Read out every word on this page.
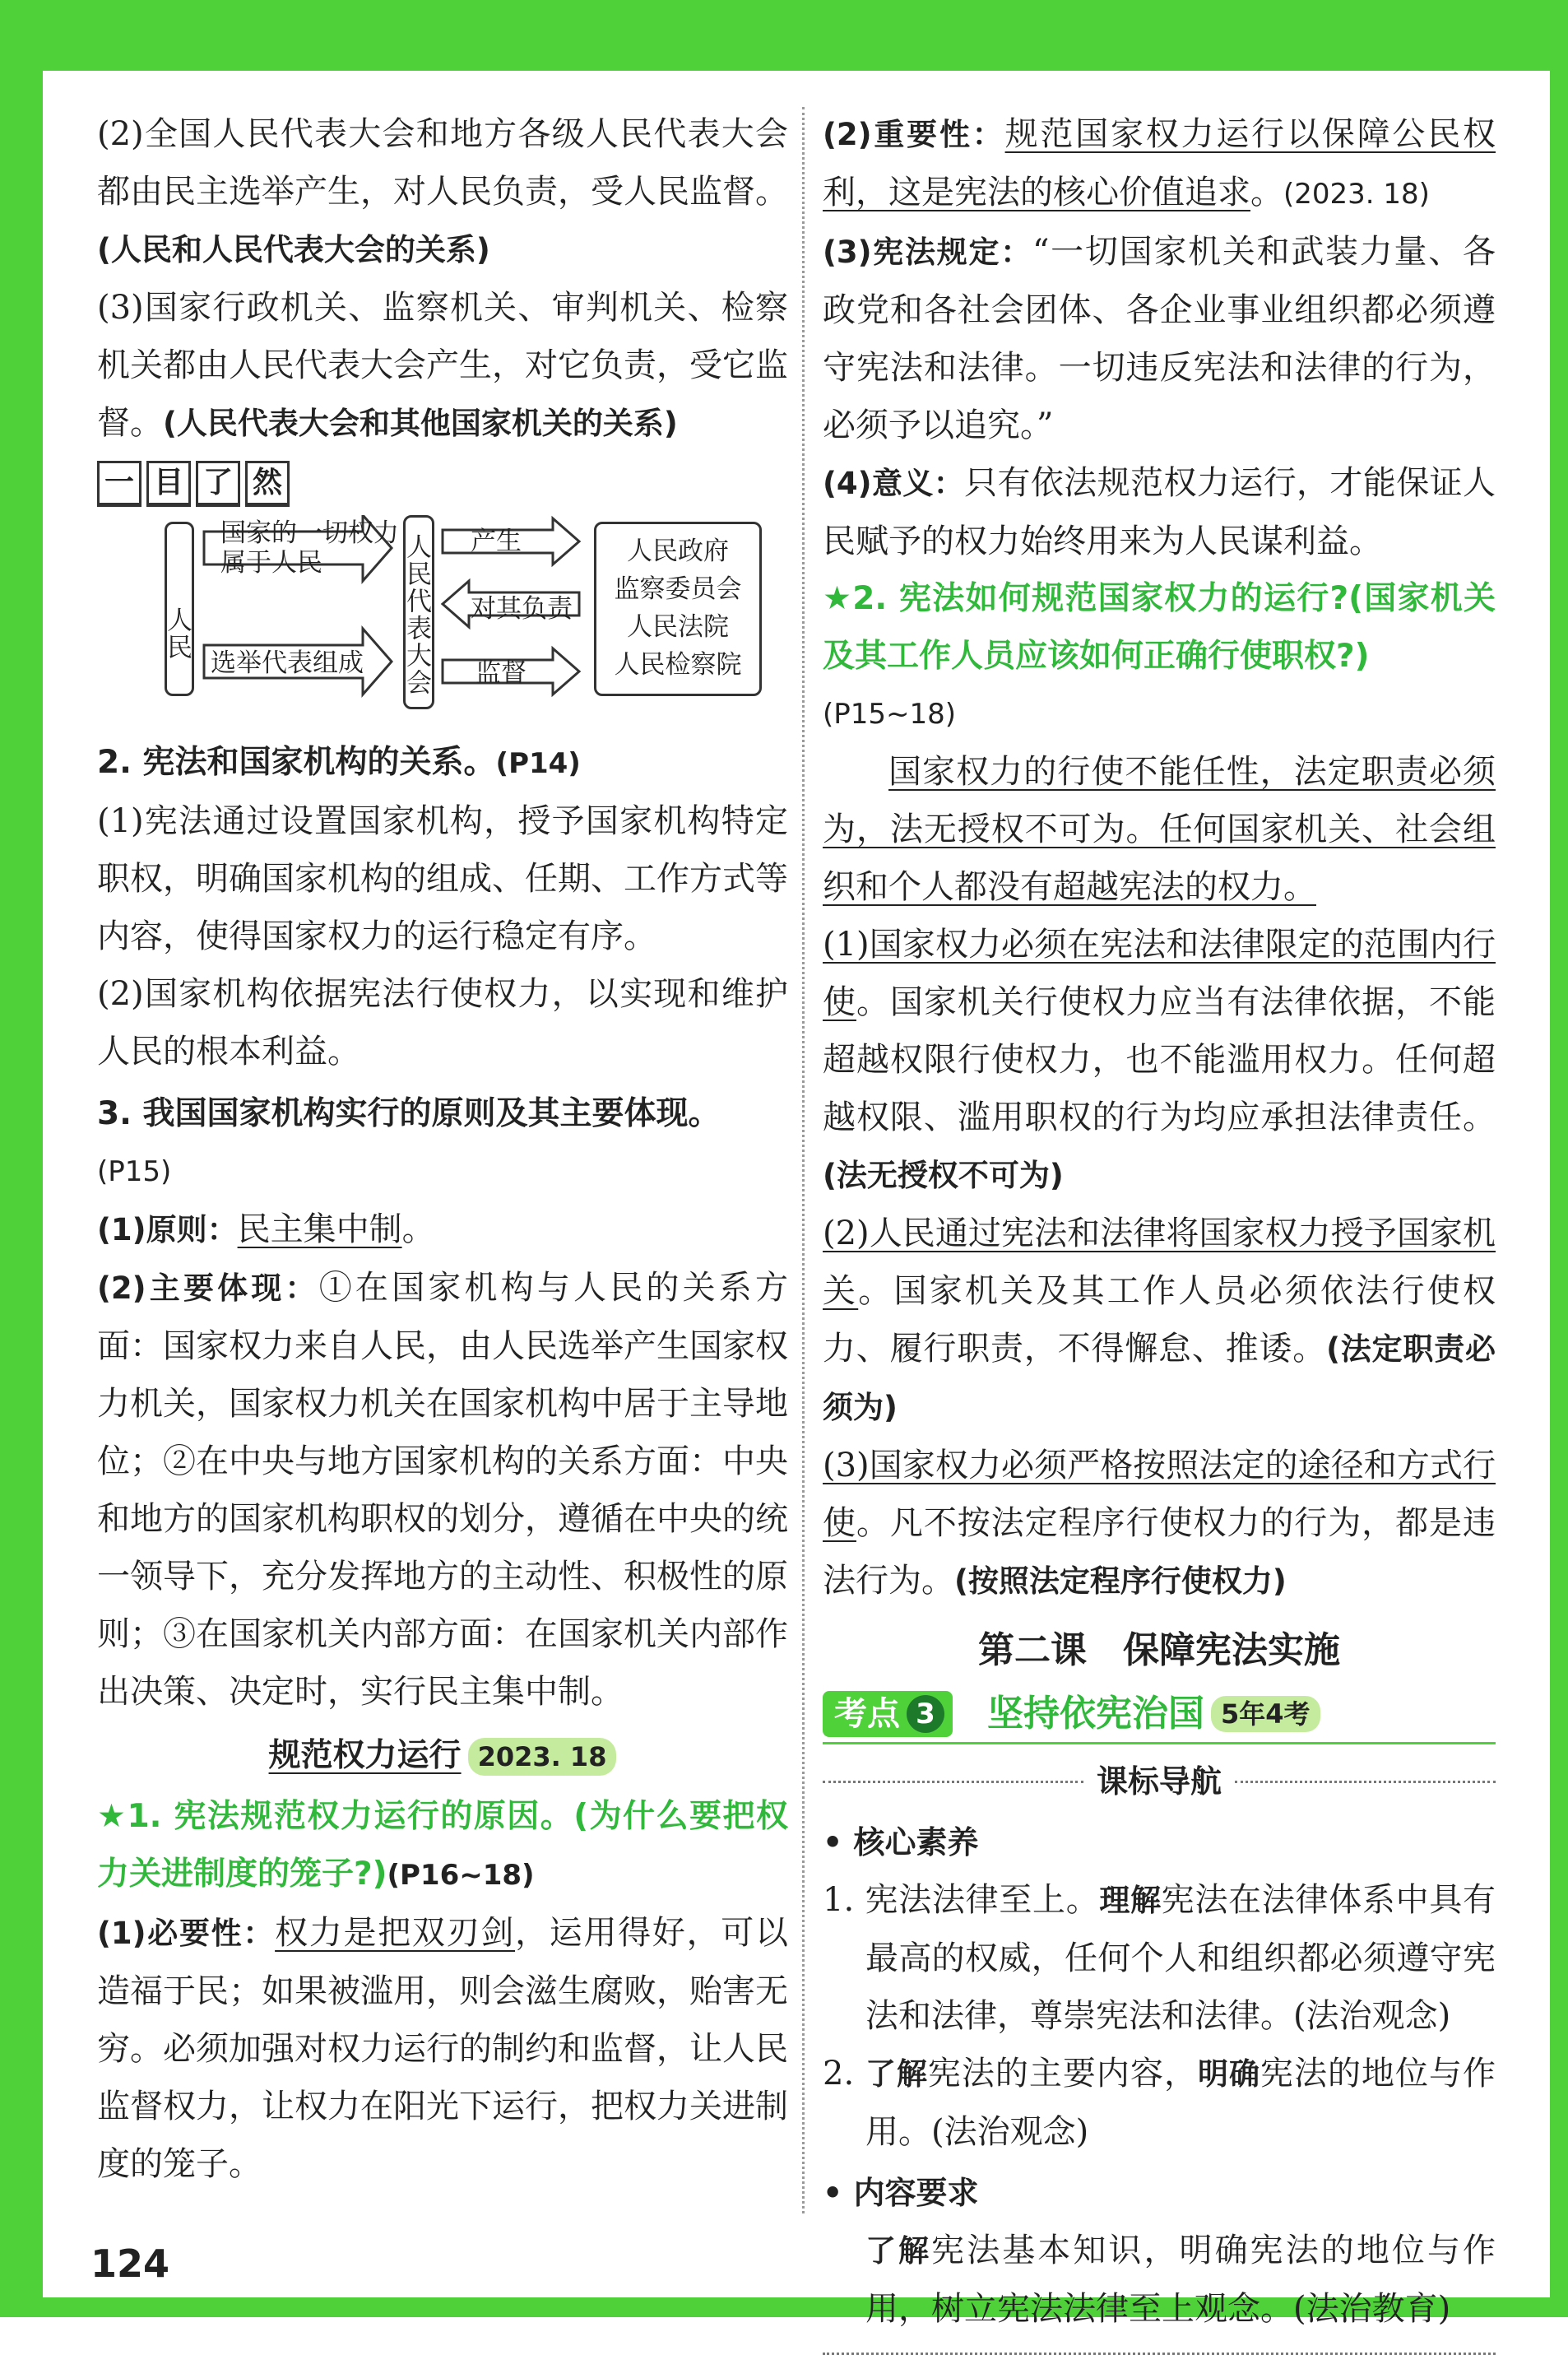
(2)全国人民代表大会和地方各级人民代表大会都由民主选举产生，对人民负责，受人民监督。(人民和人民代表大会的关系)

(3)国家行政机关、监察机关、审判机关、检察机关都由人民代表大会产生，对它负责，受它监督。(人民代表大会和其他国家机关的关系)

一 目 了 然
人民
国家的一切权力属于人民
选举代表组成	人民代表大会 产生
对其负责
监督
人民政府
监察委员会
人民法院
人民检察院

2. 宪法和国家机构的关系。(P14)

(1)宪法通过设置国家机构，授予国家机构特定职权，明确国家机构的组成、任期、工作方式等内容，使得国家权力的运行稳定有序。

(2)国家机构依据宪法行使权力，以实现和维护人民的根本利益。

3. 我国国家机构实行的原则及其主要体现。

(P15)

(1)原则：民主集中制。

(2)主要体现：①在国家机构与人民的关系方面：国家权力来自人民，由人民选举产生国家权力机关，国家权力机关在国家机构中居于主导地位；②在中央与地方国家机构的关系方面：中央和地方的国家机构职权的划分，遵循在中央的统一领导下，充分发挥地方的主动性、积极性的原则；③在国家机关内部方面：在国家机关内部作出决策、决定时，实行民主集中制。

规范权力运行 2023. 18

★1. 宪法规范权力运行的原因。(为什么要把权力关进制度的笼子?)(P16~18)

(1)必要性：权力是把双刃剑，运用得好，可以造福于民；如果被滥用，则会滋生腐败，贻害无穷。必须加强对权力运行的制约和监督，让人民监督权力，让权力在阳光下运行，把权力关进制度的笼子。

(2)重要性：规范国家权力运行以保障公民权利，这是宪法的核心价值追求。(2023. 18)

(3)宪法规定：“一切国家机关和武装力量、各政党和各社会团体、各企业事业组织都必须遵守宪法和法律。一切违反宪法和法律的行为，必须予以追究。”

(4)意义：只有依法规范权力运行，才能保证人民赋予的权力始终用来为人民谋利益。

★2. 宪法如何规范国家权力的运行?(国家机关及其工作人员应该如何正确行使职权?)

(P15~18)

国家权力的行使不能任性，法定职责必须为，法无授权不可为。任何国家机关、社会组织和个人都没有超越宪法的权力。

(1)国家权力必须在宪法和法律限定的范围内行使。国家机关行使权力应当有法律依据，不能超越权限行使权力，也不能滥用权力。任何超越权限、滥用职权的行为均应承担法律责任。(法无授权不可为)

(2)人民通过宪法和法律将国家权力授予国家机关。国家机关及其工作人员必须依法行使权力、履行职责，不得懈怠、推诿。(法定职责必须为)

(3)国家权力必须严格按照法定的途径和方式行使。凡不按法定程序行使权力的行为，都是违法行为。(按照法定程序行使权力)

第二课　保障宪法实施
考点 3 坚持依宪治国 5年4考
课标导航

• 核心素养

1. 宪法法律至上。理解宪法在法律体系中具有最高的权威，任何个人和组织都必须遵守宪法和法律，尊崇宪法和法律。(法治观念)

2. 了解宪法的主要内容，明确宪法的地位与作用。(法治观念)

• 内容要求

了解宪法基本知识，明确宪法的地位与作用，树立宪法法律至上观念。(法治教育)

124
